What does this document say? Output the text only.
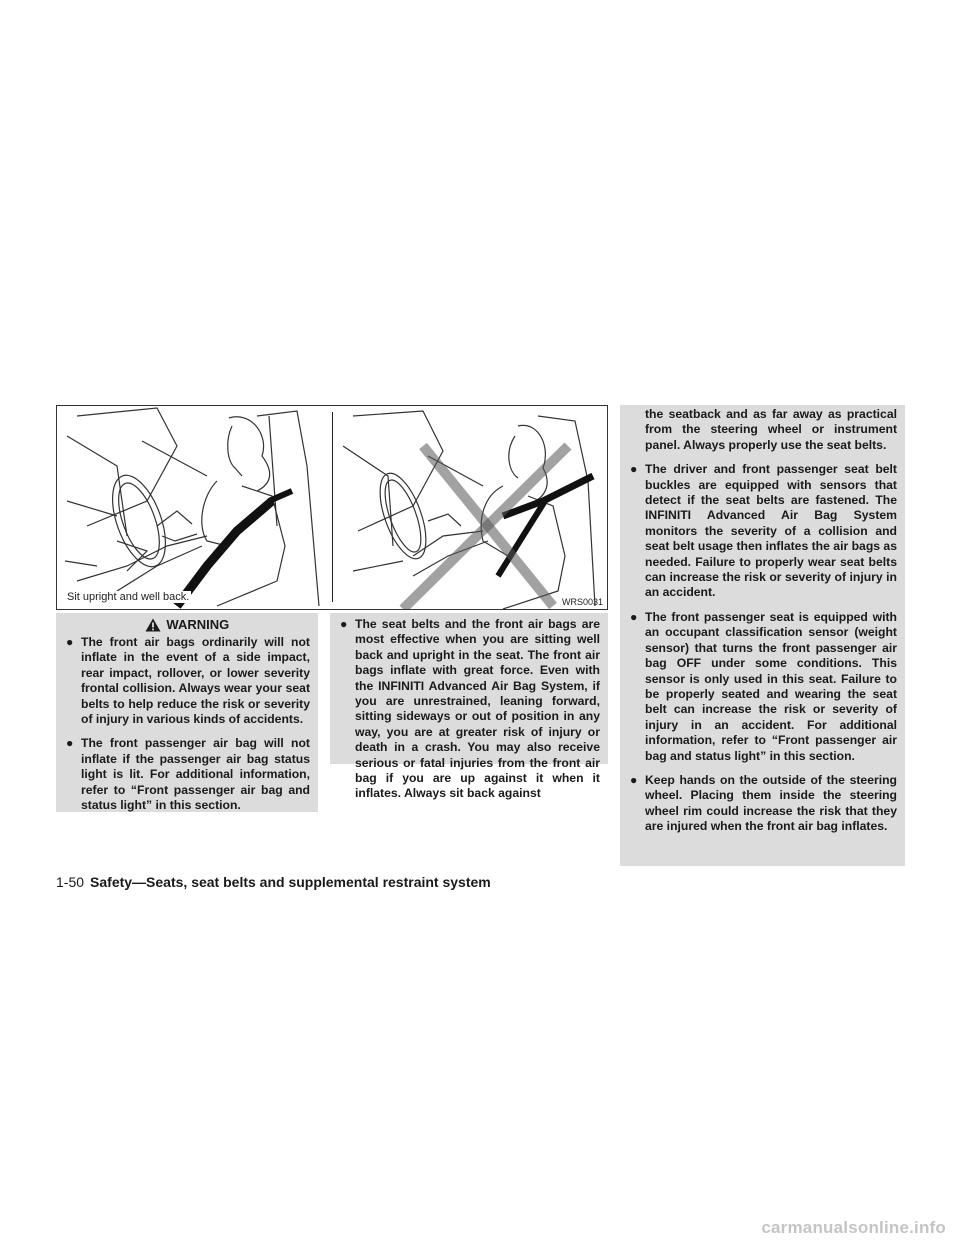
Sit upright and well back.	WRS0031
WARNING
● The front air bags ordinarily will not inflate in the event of a side impact, rear impact, rollover, or lower severity frontal collision. Always wear your seat belts to help reduce the risk or severity of injury in various kinds of accidents.
● The front passenger air bag will not inflate if the passenger air bag status light is lit. For additional information, refer to “Front passenger air bag and status light” in this section.
● The seat belts and the front air bags are most effective when you are sitting well back and upright in the seat. The front air bags inflate with great force. Even with the INFINITI Advanced Air Bag System, if you are unrestrained, leaning forward, sitting sideways or out of position in any way, you are at greater risk of injury or death in a crash. You may also receive serious or fatal injuries from the front air bag if you are up against it when it inflates. Always sit back against
the seatback and as far away as practical from the steering wheel or instrument panel. Always properly use the seat belts.
● The driver and front passenger seat belt buckles are equipped with sensors that detect if the seat belts are fastened. The INFINITI Advanced Air Bag System monitors the severity of a collision and seat belt usage then inflates the air bags as needed. Failure to properly wear seat belts can increase the risk or severity of injury in an accident.
● The front passenger seat is equipped with an occupant classification sensor (weight sensor) that turns the front passenger air bag OFF under some conditions. This sensor is only used in this seat. Failure to be properly seated and wearing the seat belt can increase the risk or severity of injury in an accident. For additional information, refer to “Front passenger air bag and status light” in this section.
● Keep hands on the outside of the steering wheel. Placing them inside the steering wheel rim could increase the risk that they are injured when the front air bag inflates.
1-50 Safety—Seats, seat belts and supplemental restraint system
carmanualsonline.info
